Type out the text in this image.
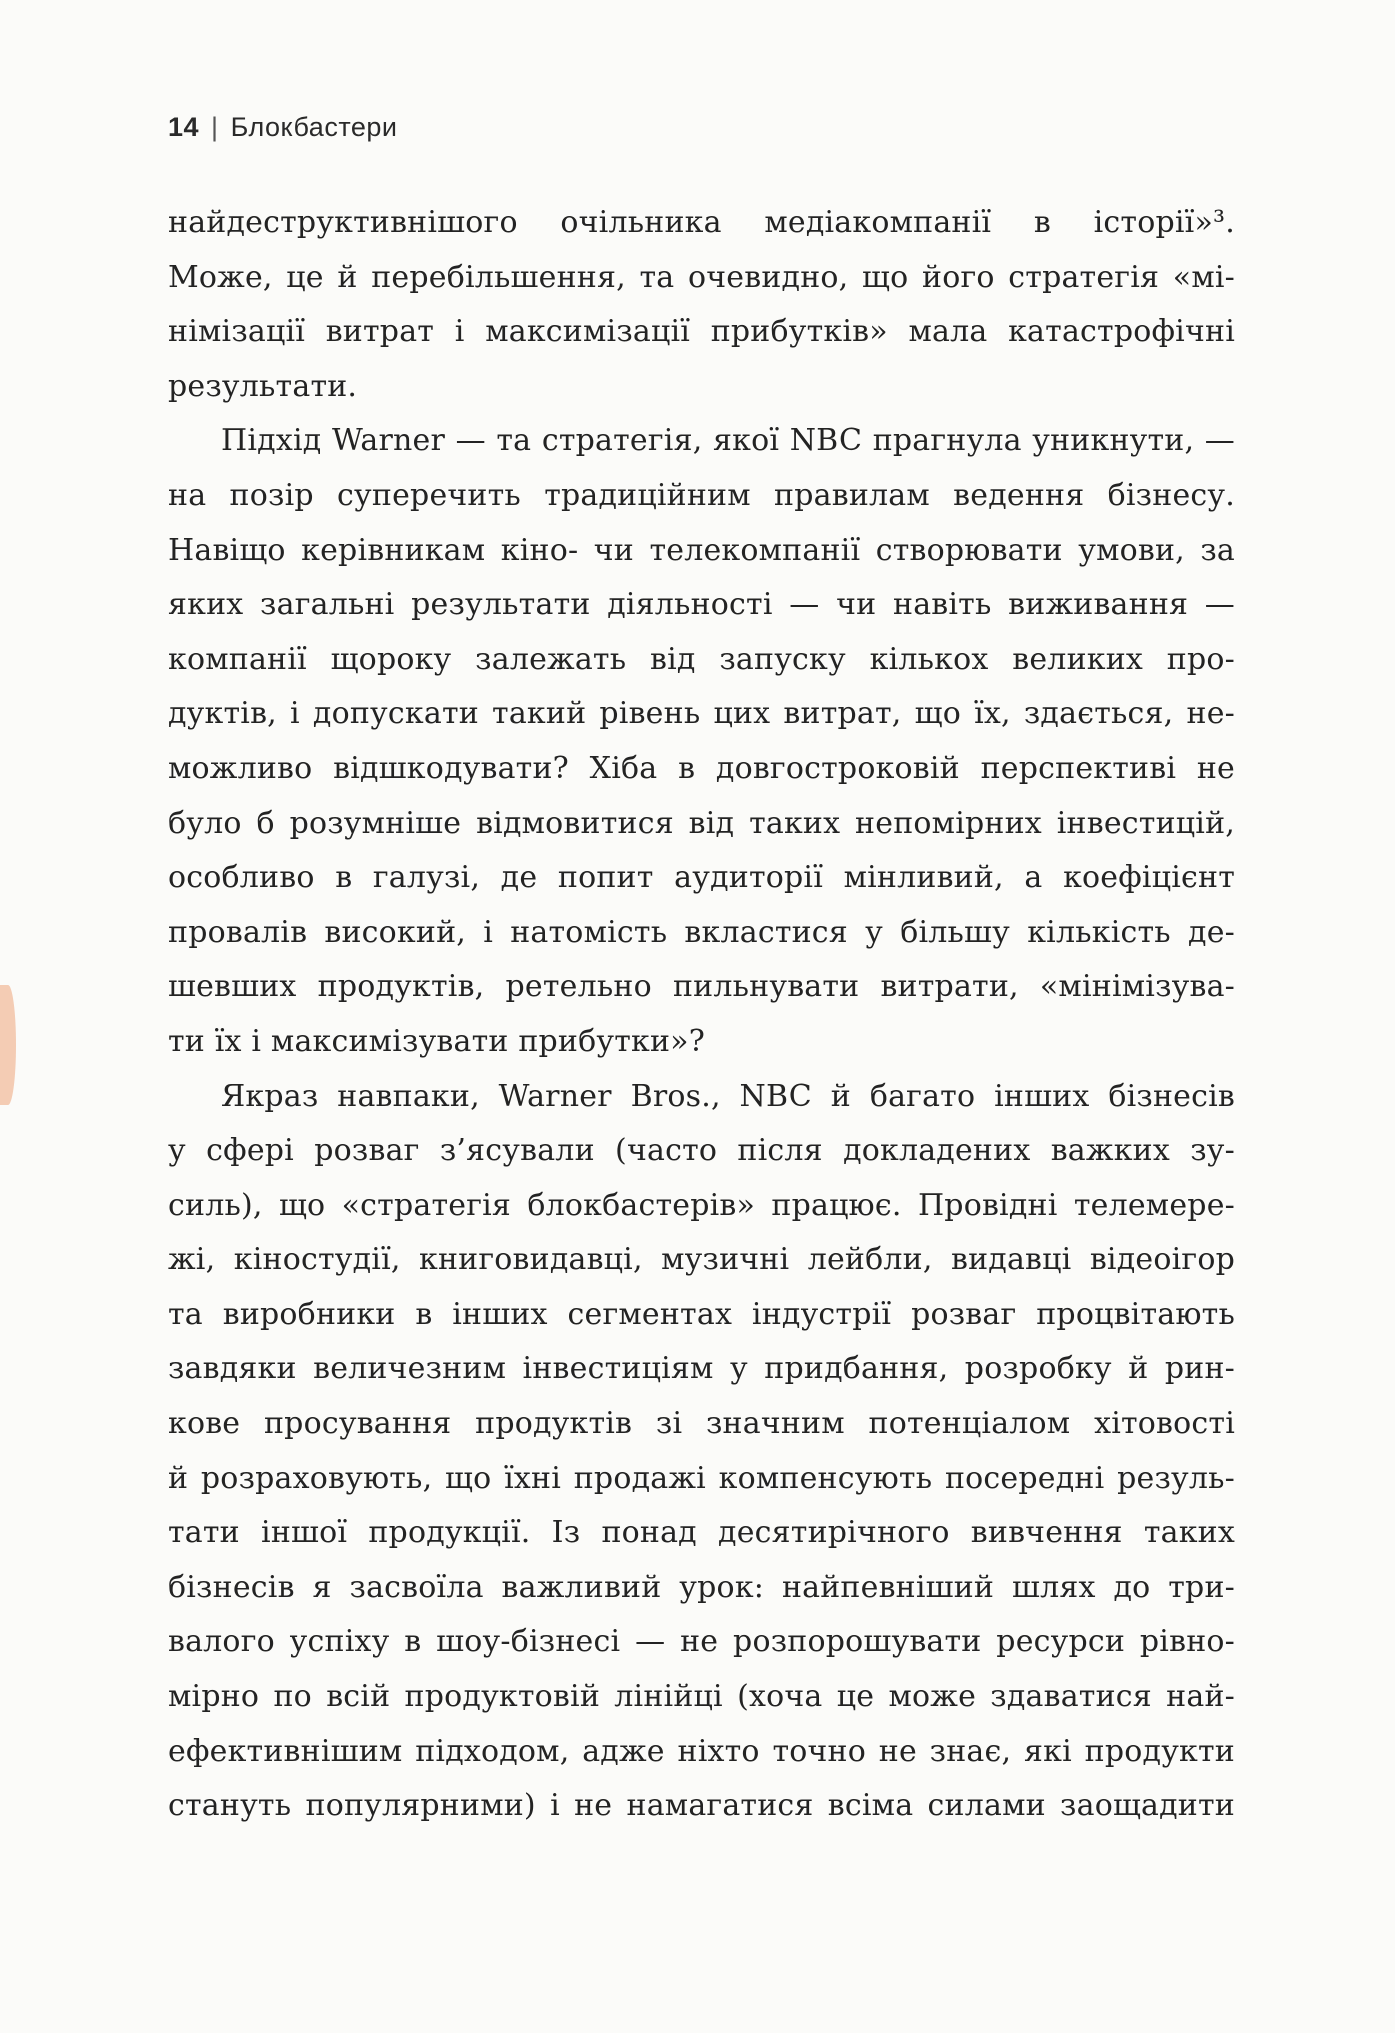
14 | Блокбастери
найдеструктивнішого очільника медіакомпанії в історії»³.
Може, це й перебільшення, та очевидно, що його стратегія «мі-
німізації витрат і максимізації прибутків» мала катастрофічні
результати.
Підхід Warner — та стратегія, якої NBC прагнула уникнути, —
на позір суперечить традиційним правилам ведення бізнесу.
Навіщо керівникам кіно- чи телекомпанії створювати умови, за
яких загальні результати діяльності — чи навіть виживання —
компанії щороку залежать від запуску кількох великих про-
дуктів, і допускати такий рівень цих витрат, що їх, здається, не-
можливо відшкодувати? Хіба в довгостроковій перспективі не
було б розумніше відмовитися від таких непомірних інвестицій,
особливо в галузі, де попит аудиторії мінливий, а коефіцієнт
провалів високий, і натомість вкластися у більшу кількість де-
шевших продуктів, ретельно пильнувати витрати, «мінімізува-
ти їх і максимізувати прибутки»?
Якраз навпаки, Warner Bros., NBC й багато інших бізнесів
у сфері розваг з’ясували (часто після докладених важких зу-
силь), що «стратегія блокбастерів» працює. Провідні телемере-
жі, кіностудії, книговидавці, музичні лейбли, видавці відеоігор
та виробники в інших сегментах індустрії розваг процвітають
завдяки величезним інвестиціям у придбання, розробку й рин-
кове просування продуктів зі значним потенціалом хітовості
й розраховують, що їхні продажі компенсують посередні резуль-
тати іншої продукції. Із понад десятирічного вивчення таких
бізнесів я засвоїла важливий урок: найпевніший шлях до три-
валого успіху в шоу-бізнесі — не розпорошувати ресурси рівно-
мірно по всій продуктовій лінійці (хоча це може здаватися най-
ефективнішим підходом, адже ніхто точно не знає, які продукти
стануть популярними) і не намагатися всіма силами заощадити
